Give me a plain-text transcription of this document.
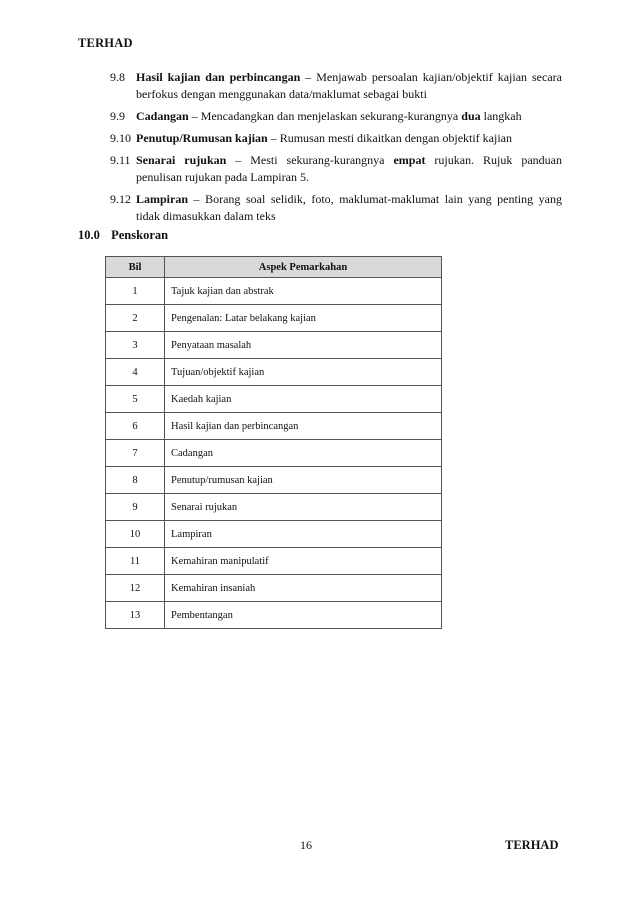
TERHAD
9.8 Hasil kajian dan perbincangan – Menjawab persoalan kajian/objektif kajian secara berfokus dengan menggunakan data/maklumat sebagai bukti
9.9 Cadangan – Mencadangkan dan menjelaskan sekurang-kurangnya dua langkah
9.10 Penutup/Rumusan kajian – Rumusan mesti dikaitkan dengan objektif kajian
9.11 Senarai rujukan – Mesti sekurang-kurangnya empat rujukan. Rujuk panduan penulisan rujukan pada Lampiran 5.
9.12 Lampiran – Borang soal selidik, foto, maklumat-maklumat lain yang penting yang tidak dimasukkan dalam teks
10.0 Penskoran
Bil	Aspek Pemarkahan
1	Tajuk kajian dan abstrak
2	Pengenalan: Latar belakang kajian
3	Penyataan masalah
4	Tujuan/objektif kajian
5	Kaedah kajian
6	Hasil kajian dan perbincangan
7	Cadangan
8	Penutup/rumusan kajian
9	Senarai rujukan
10	Lampiran
11	Kemahiran manipulatif
12	Kemahiran insaniah
13	Pembentangan
16	TERHAD
